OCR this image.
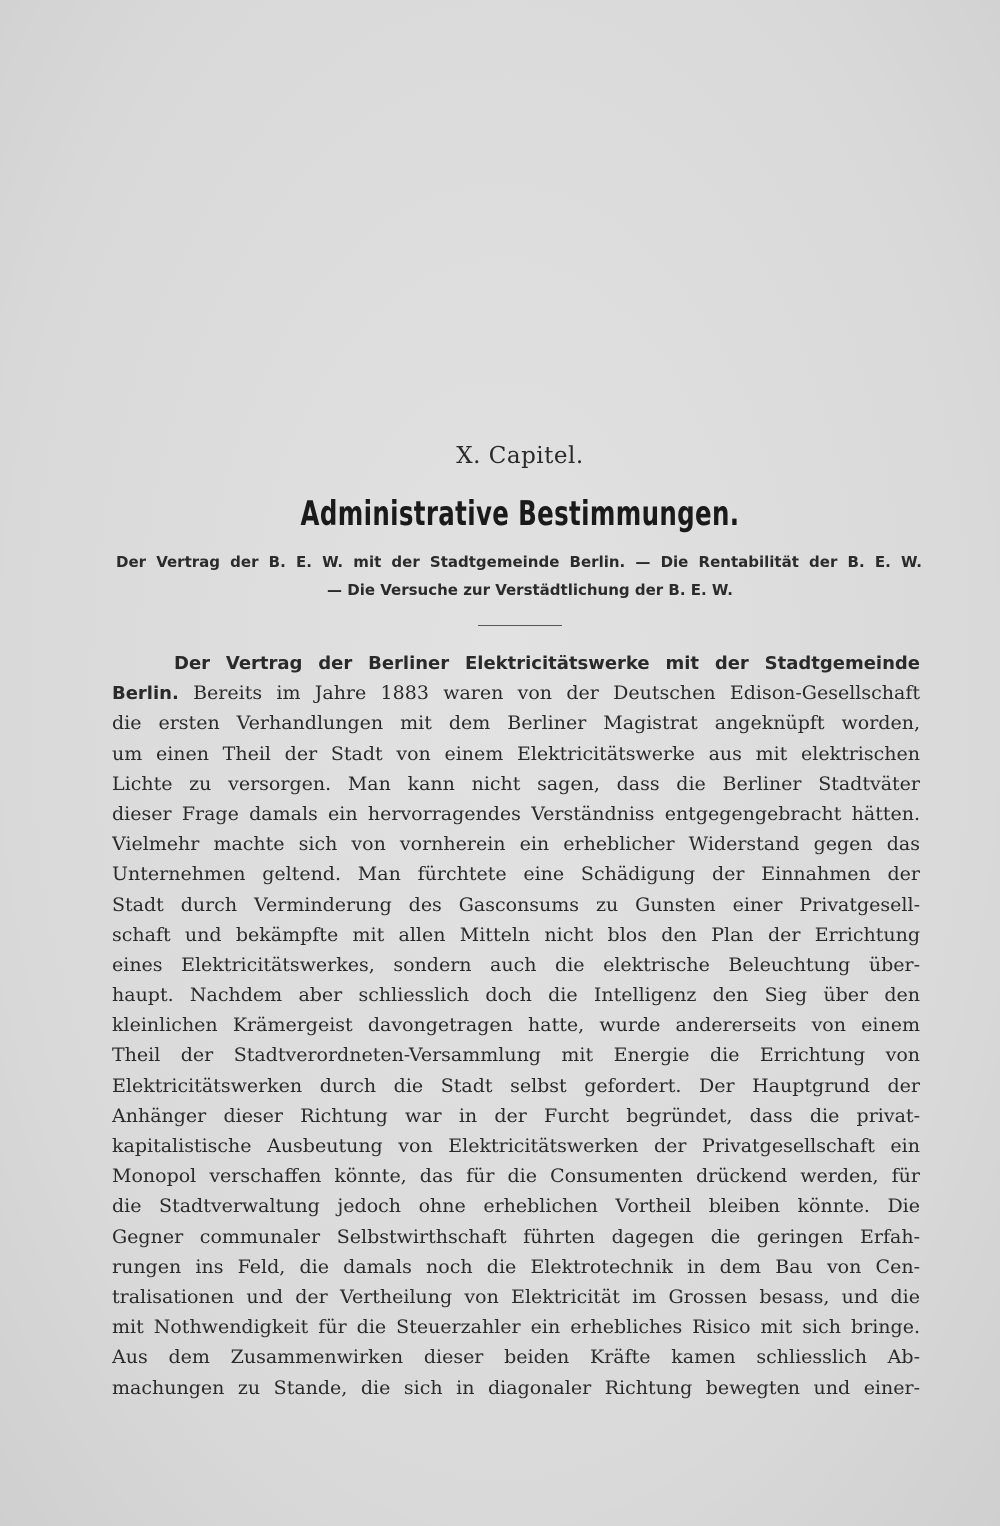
X. Capitel.
Administrative Bestimmungen.
Der Vertrag der B. E. W. mit der Stadtgemeinde Berlin. — Die Rentabilität der B. E. W.
— Die Versuche zur Verstädtlichung der B. E. W.
Der Vertrag der Berliner Elektricitätswerke mit der Stadtgemeinde
Berlin. Bereits im Jahre 1883 waren von der Deutschen Edison-Gesellschaft
die ersten Verhandlungen mit dem Berliner Magistrat angeknüpft worden,
um einen Theil der Stadt von einem Elektricitätswerke aus mit elektrischen
Lichte zu versorgen. Man kann nicht sagen, dass die Berliner Stadtväter
dieser Frage damals ein hervorragendes Verständniss entgegengebracht hätten.
Vielmehr machte sich von vornherein ein erheblicher Widerstand gegen das
Unternehmen geltend. Man fürchtete eine Schädigung der Einnahmen der
Stadt durch Verminderung des Gasconsums zu Gunsten einer Privatgesell-
schaft und bekämpfte mit allen Mitteln nicht blos den Plan der Errichtung
eines Elektricitätswerkes, sondern auch die elektrische Beleuchtung über-
haupt. Nachdem aber schliesslich doch die Intelligenz den Sieg über den
kleinlichen Krämergeist davongetragen hatte, wurde andererseits von einem
Theil der Stadtverordneten-Versammlung mit Energie die Errichtung von
Elektricitätswerken durch die Stadt selbst gefordert. Der Hauptgrund der
Anhänger dieser Richtung war in der Furcht begründet, dass die privat-
kapitalistische Ausbeutung von Elektricitätswerken der Privatgesellschaft ein
Monopol verschaffen könnte, das für die Consumenten drückend werden, für
die Stadtverwaltung jedoch ohne erheblichen Vortheil bleiben könnte. Die
Gegner communaler Selbstwirthschaft führten dagegen die geringen Erfah-
rungen ins Feld, die damals noch die Elektrotechnik in dem Bau von Cen-
tralisationen und der Vertheilung von Elektricität im Grossen besass, und die
mit Nothwendigkeit für die Steuerzahler ein erhebliches Risico mit sich bringe.
Aus dem Zusammenwirken dieser beiden Kräfte kamen schliesslich Ab-
machungen zu Stande, die sich in diagonaler Richtung bewegten und einer-
